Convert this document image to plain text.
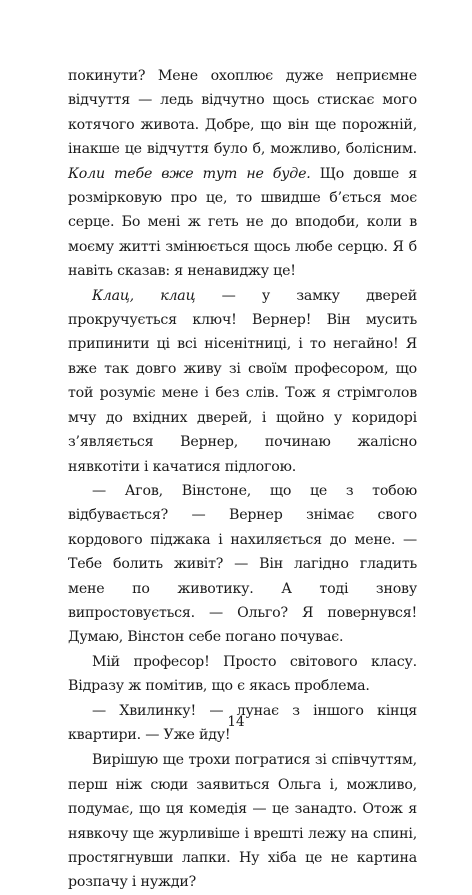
покинути? Мене охоплює дуже неприємне відчуття — ледь відчутно щось стискає мого котячого живота. Добре, що він ще порожній, інакше це відчуття було б, можливо, болісним. Коли тебе вже тут не буде. Що довше я розмірковую про це, то швидше б’ється моє серце. Бо мені ж геть не до вподоби, коли в моєму житті змінюється щось любе серцю. Я б навіть сказав: я ненавиджу це!

Клац, клац — у замку дверей прокручується ключ! Вернер! Він мусить припинити ці всі нісенітниці, і то негайно! Я вже так довго живу зі своїм професором, що той розуміє мене і без слів. Тож я стрімголов мчу до вхідних дверей, і щойно у коридорі з’являється Вернер, починаю жалісно нявкотіти і качатися підлогою.

— Агов, Вінстоне, що це з тобою відбувається? — Вернер знімає свого кордового піджака і нахиляється до мене. — Тебе болить живіт? — Він лагідно гладить мене по животику. А тоді знову випростовується. — Ольго? Я повернувся! Думаю, Вінстон себе погано почуває.

Мій професор! Просто світового класу. Відразу ж помітив, що є якась проблема.

— Хвилинку! — лунає з іншого кінця квартири. — Уже йду!

Вирішую ще трохи погратися зі співчуттям, перш ніж сюди заявиться Ольга і, можливо, подумає, що ця комедія — це занадто. Отож я нявкочу ще журливіше і врешті лежу на спині, простягнувши лапки. Ну хіба це не картина розпачу і нужди?

14
